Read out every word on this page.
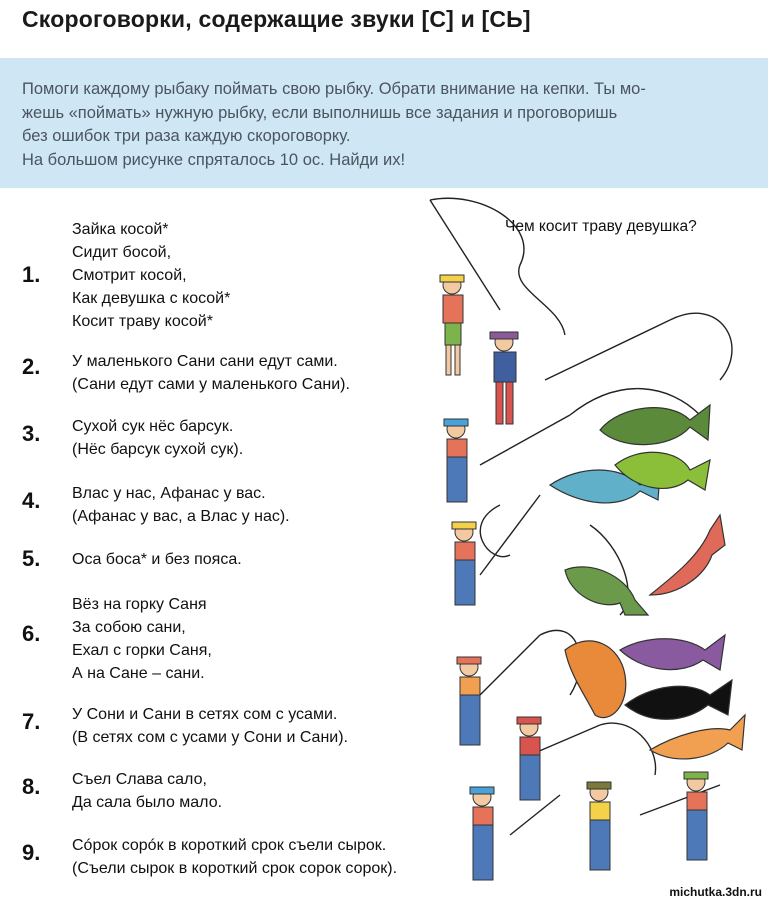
Скороговорки, содержащие звуки [С] и [СЬ]
Помоги каждому рыбаку поймать свою рыбку. Обрати внимание на кепки. Ты мо-
жешь «поймать» нужную рыбку, если выполнишь все задания и проговоришь
без ошибок три раза каждую скороговорку.
На большом рисунке спряталось 10 ос. Найди их!
Чем косит траву девушка?
1.
Зайка косой*
Сидит босой,
Смотрит косой,
Как девушка с косой*
Косит траву косой*
2. У маленького Сани сани едут сами.
(Сани едут сами у маленького Сани).
3. Сухой сук нёс барсук.
(Нёс барсук сухой сук).
4. Влас у нас, Афанас у вас.
(Афанас у вас, а Влас у нас).
5. Оса боса* и без пояса.
6.
Вёз на горку Саня
За собою сани,
Ехал с горки Саня,
А на Сане – сани.
7. У Сони и Сани в сетях сом с усами.
(В сетях сом с усами у Сони и Сани).
8. Съел Слава сало,
Да сала было мало.
9. Сóрок сорóк в короткий срок съели сырок.
(Съели сырок в короткий срок сорок сорок).
michutka.3dn.ru
